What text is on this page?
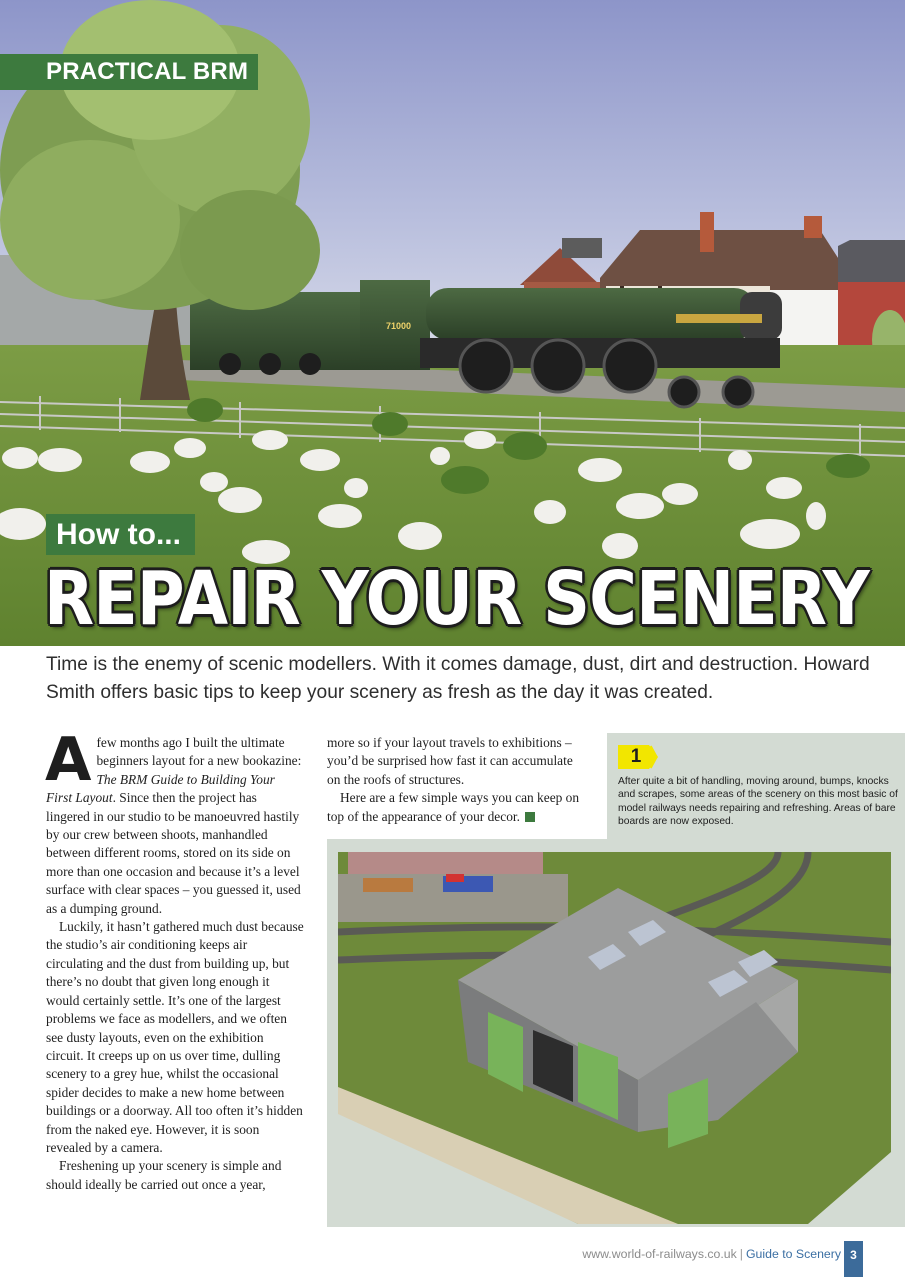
71000
PRACTICAL BRM
How to...
REPAIR YOUR SCENERY

Time is the enemy of scenic modellers. With it comes damage, dust, dirt and destruction. Howard Smith offers basic tips to keep your scenery as fresh as the day it was created.

Afew months ago I built the ultimate beginners layout for a new bookazine: The BRM Guide to Building Your First Layout. Since then the project has lingered in our studio to be manoeuvred hastily by our crew between shoots, manhandled between different rooms, stored on its side on more than one occasion and because it’s a level surface with clear spaces – you guessed it, used as a dumping ground.

Luckily, it hasn’t gathered much dust because the studio’s air conditioning keeps air circulating and the dust from building up, but there’s no doubt that given long enough it would certainly settle. It’s one of the largest problems we face as modellers, and we often see dusty layouts, even on the exhibition circuit. It creeps up on us over time, dulling scenery to a grey hue, whilst the occasional spider decides to make a new home between buildings or a doorway. All too often it’s hidden from the naked eye. However, it is soon revealed by a camera.

Freshening up your scenery is simple and should ideally be carried out once a year,

more so if your layout travels to exhibitions – you’d be surprised how fast it can accumulate on the roofs of structures.

Here are a few simple ways you can keep on top of the appearance of your decor.

1

After quite a bit of handling, moving around, bumps, knocks and scrapes, some areas of the scenery on this most basic of model railways needs repairing and refreshing. Areas of bare boards are now exposed.

www.world-of-railways.co.uk | Guide to Scenery 3
